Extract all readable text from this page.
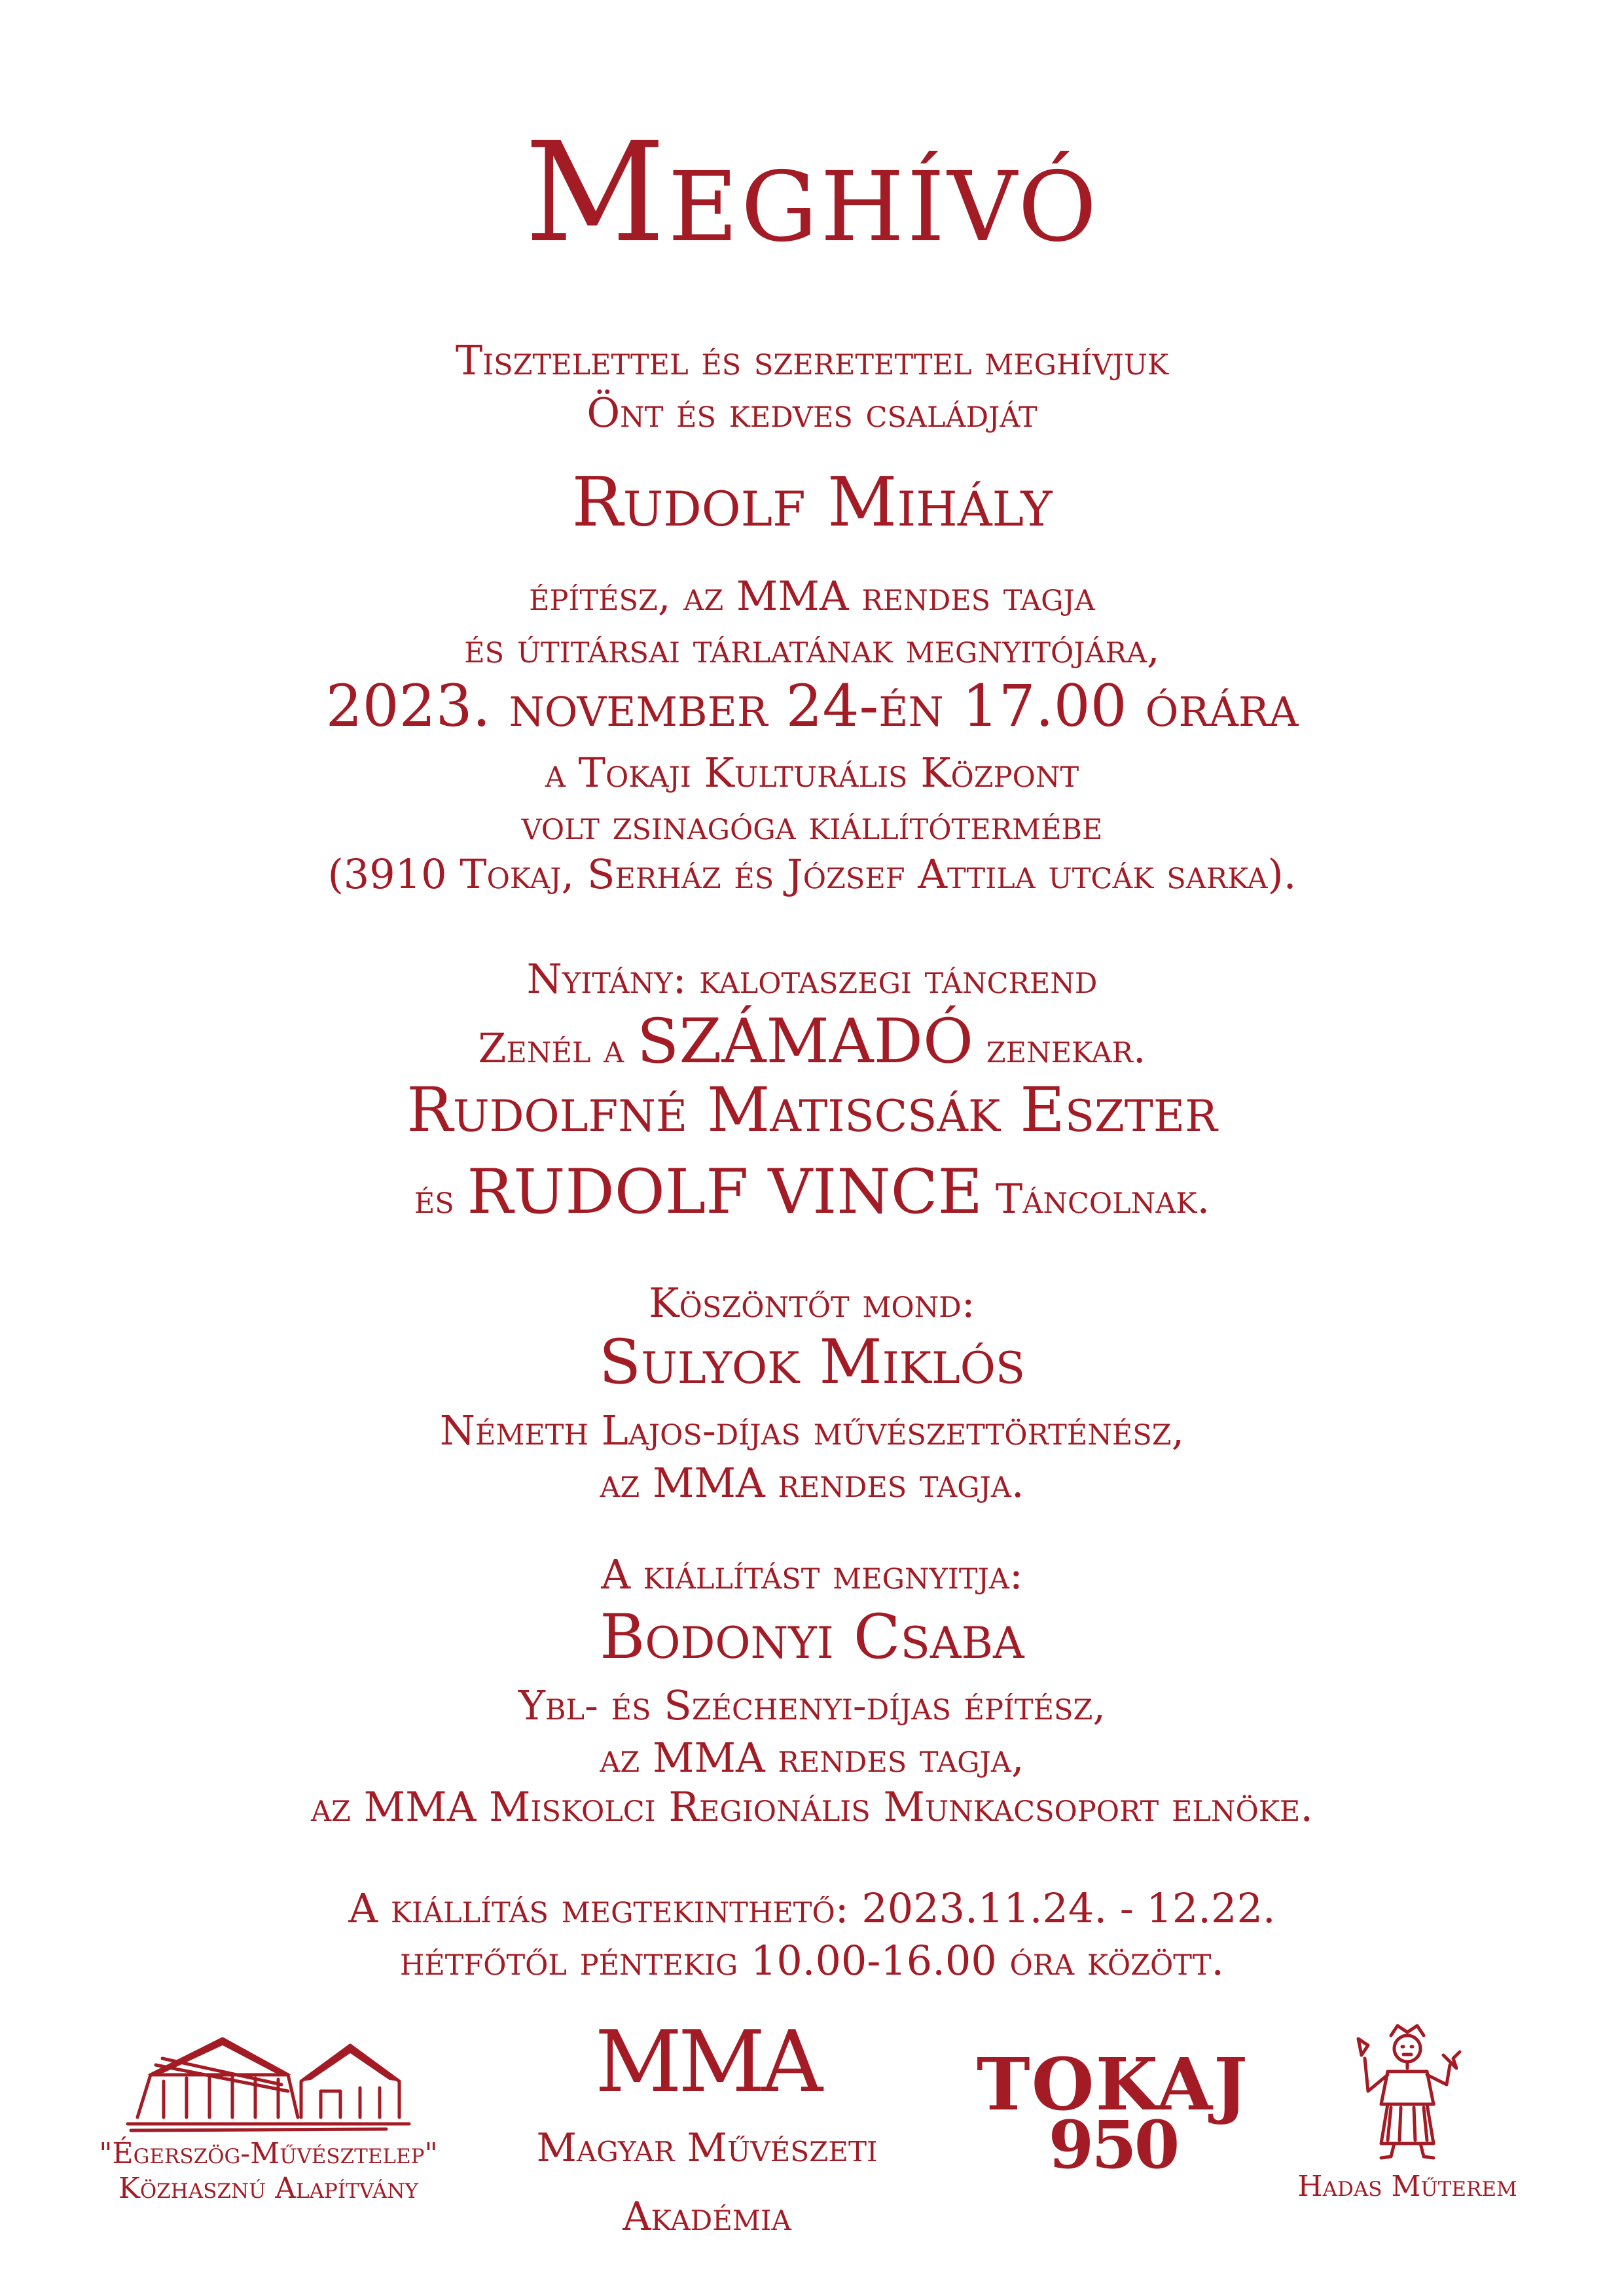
Meghívó
Tisztelettel és szeretettel meghívjuk
Önt és kedves családját
Rudolf Mihály
építész, az MMA rendes tagja
és útitársai tárlatának megnyitójára,
2023. november 24-én 17.00 órára
a Tokaji Kulturális Központ
volt zsinagóga kiállítótermébe
(3910 Tokaj, Serház és József Attila utcák sarka).
Nyitány: kalotaszegi táncrend
Zenél a SZÁMADÓ zenekar.
Rudolfné Matiscsák Eszter
és RUDOLF VINCE Táncolnak.
Köszöntőt mond:
Sulyok Miklós
Németh Lajos-díjas művészettörténész,
az MMA rendes tagja.
A kiállítást megnyitja:
Bodonyi Csaba
Ybl- és Széchenyi-díjas építész,
az MMA rendes tagja,
az MMA Miskolci Regionális Munkacsoport elnöke.
A kiállítás megtekinthető: 2023.11.24. - 12.22.
hétfőtől péntekig 10.00-16.00 óra között.
"Égerszög-Művésztelep"
Közhasznú Alapítvány
MMA
Magyar Művészeti
Akadémia
TOKAJ
950
Hadas Műterem
